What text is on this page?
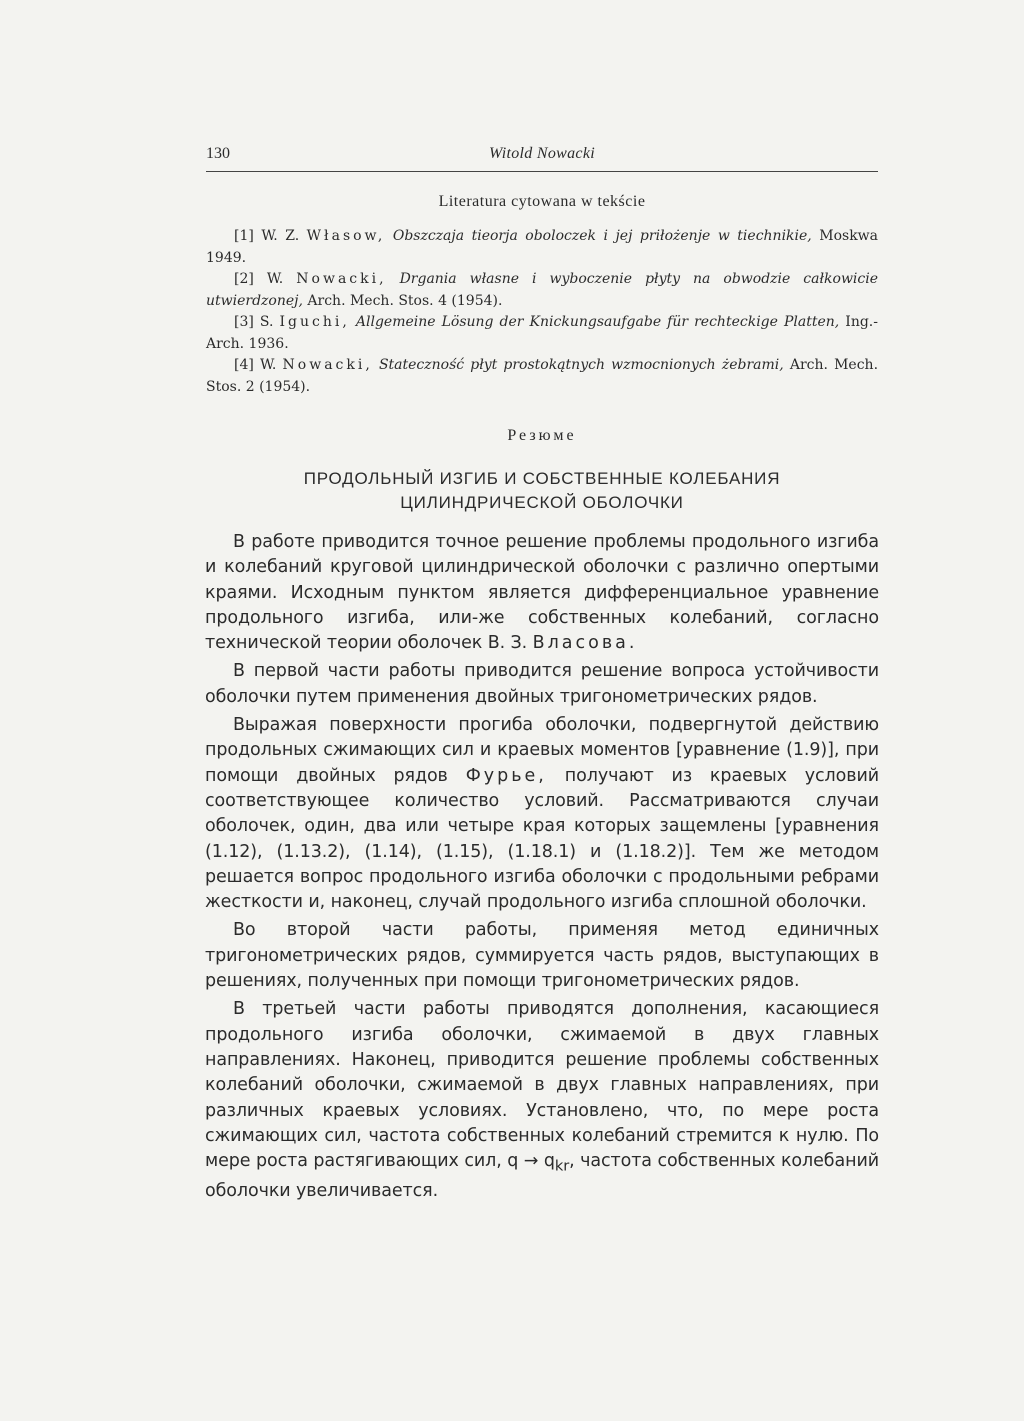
130	Witold Nowacki
Literatura cytowana w tekście

[1] W. Z. Własow, Obszczaja tieorja oboloczek i jej priłożenje w tiechnikie, Moskwa 1949.

[2] W. Nowacki, Drgania własne i wyboczenie płyty na obwodzie całkowicie utwierdzonej, Arch. Mech. Stos. 4 (1954).

[3] S. Iguchi, Allgemeine Lösung der Knickungsaufgabe für rechteckige Platten, Ing.-Arch. 1936.

[4] W. Nowacki, Stateczność płyt prostokątnych wzmocnionych żebrami, Arch. Mech. Stos. 2 (1954).

Резюме
ПРОДОЛЬНЫЙ ИЗГИБ И СОБСТВЕННЫЕ КОЛЕБАНИЯ
ЦИЛИНДРИЧЕСКОЙ ОБОЛОЧКИ

В работе приводится точное решение проблемы продольного изгиба и колебаний круговой цилиндрической оболочки с различно опертыми краями. Исходным пунктом является дифференциальное уравнение продольного изгиба, или-же собственных колебаний, согласно технической теории оболочек В. З. Власова.

В первой части работы приводится решение вопроса устойчивости оболочки путем применения двойных тригонометрических рядов.

Выражая поверхности прогиба оболочки, подвергнутой действию продольных сжимающих сил и краевых моментов [уравнение (1.9)], при помощи двойных рядов Фурье, получают из краевых условий соответствующее количество условий. Рассматриваются случаи оболочек, один, два или четыре края которых защемлены [уравнения (1.12), (1.13.2), (1.14), (1.15), (1.18.1) и (1.18.2)]. Тем же методом решается вопрос продольного изгиба оболочки с продольными ребрами жесткости и, наконец, случай продольного изгиба сплошной оболочки.

Во второй части работы, применяя метод единичных тригонометрических рядов, суммируется часть рядов, выступающих в решениях, полученных при помощи тригонометрических рядов.

В третьей части работы приводятся дополнения, касающиеся продольного изгиба оболочки, сжимаемой в двух главных направлениях. Наконец, приводится решение проблемы собственных колебаний оболочки, сжимаемой в двух главных направлениях, при различных краевых условиях. Установлено, что, по мере роста сжимающих сил, частота собственных колебаний стремится к нулю. По мере роста растягивающих сил, $q \to q_{kr}$, частота собственных колебаний оболочки увеличивается.
